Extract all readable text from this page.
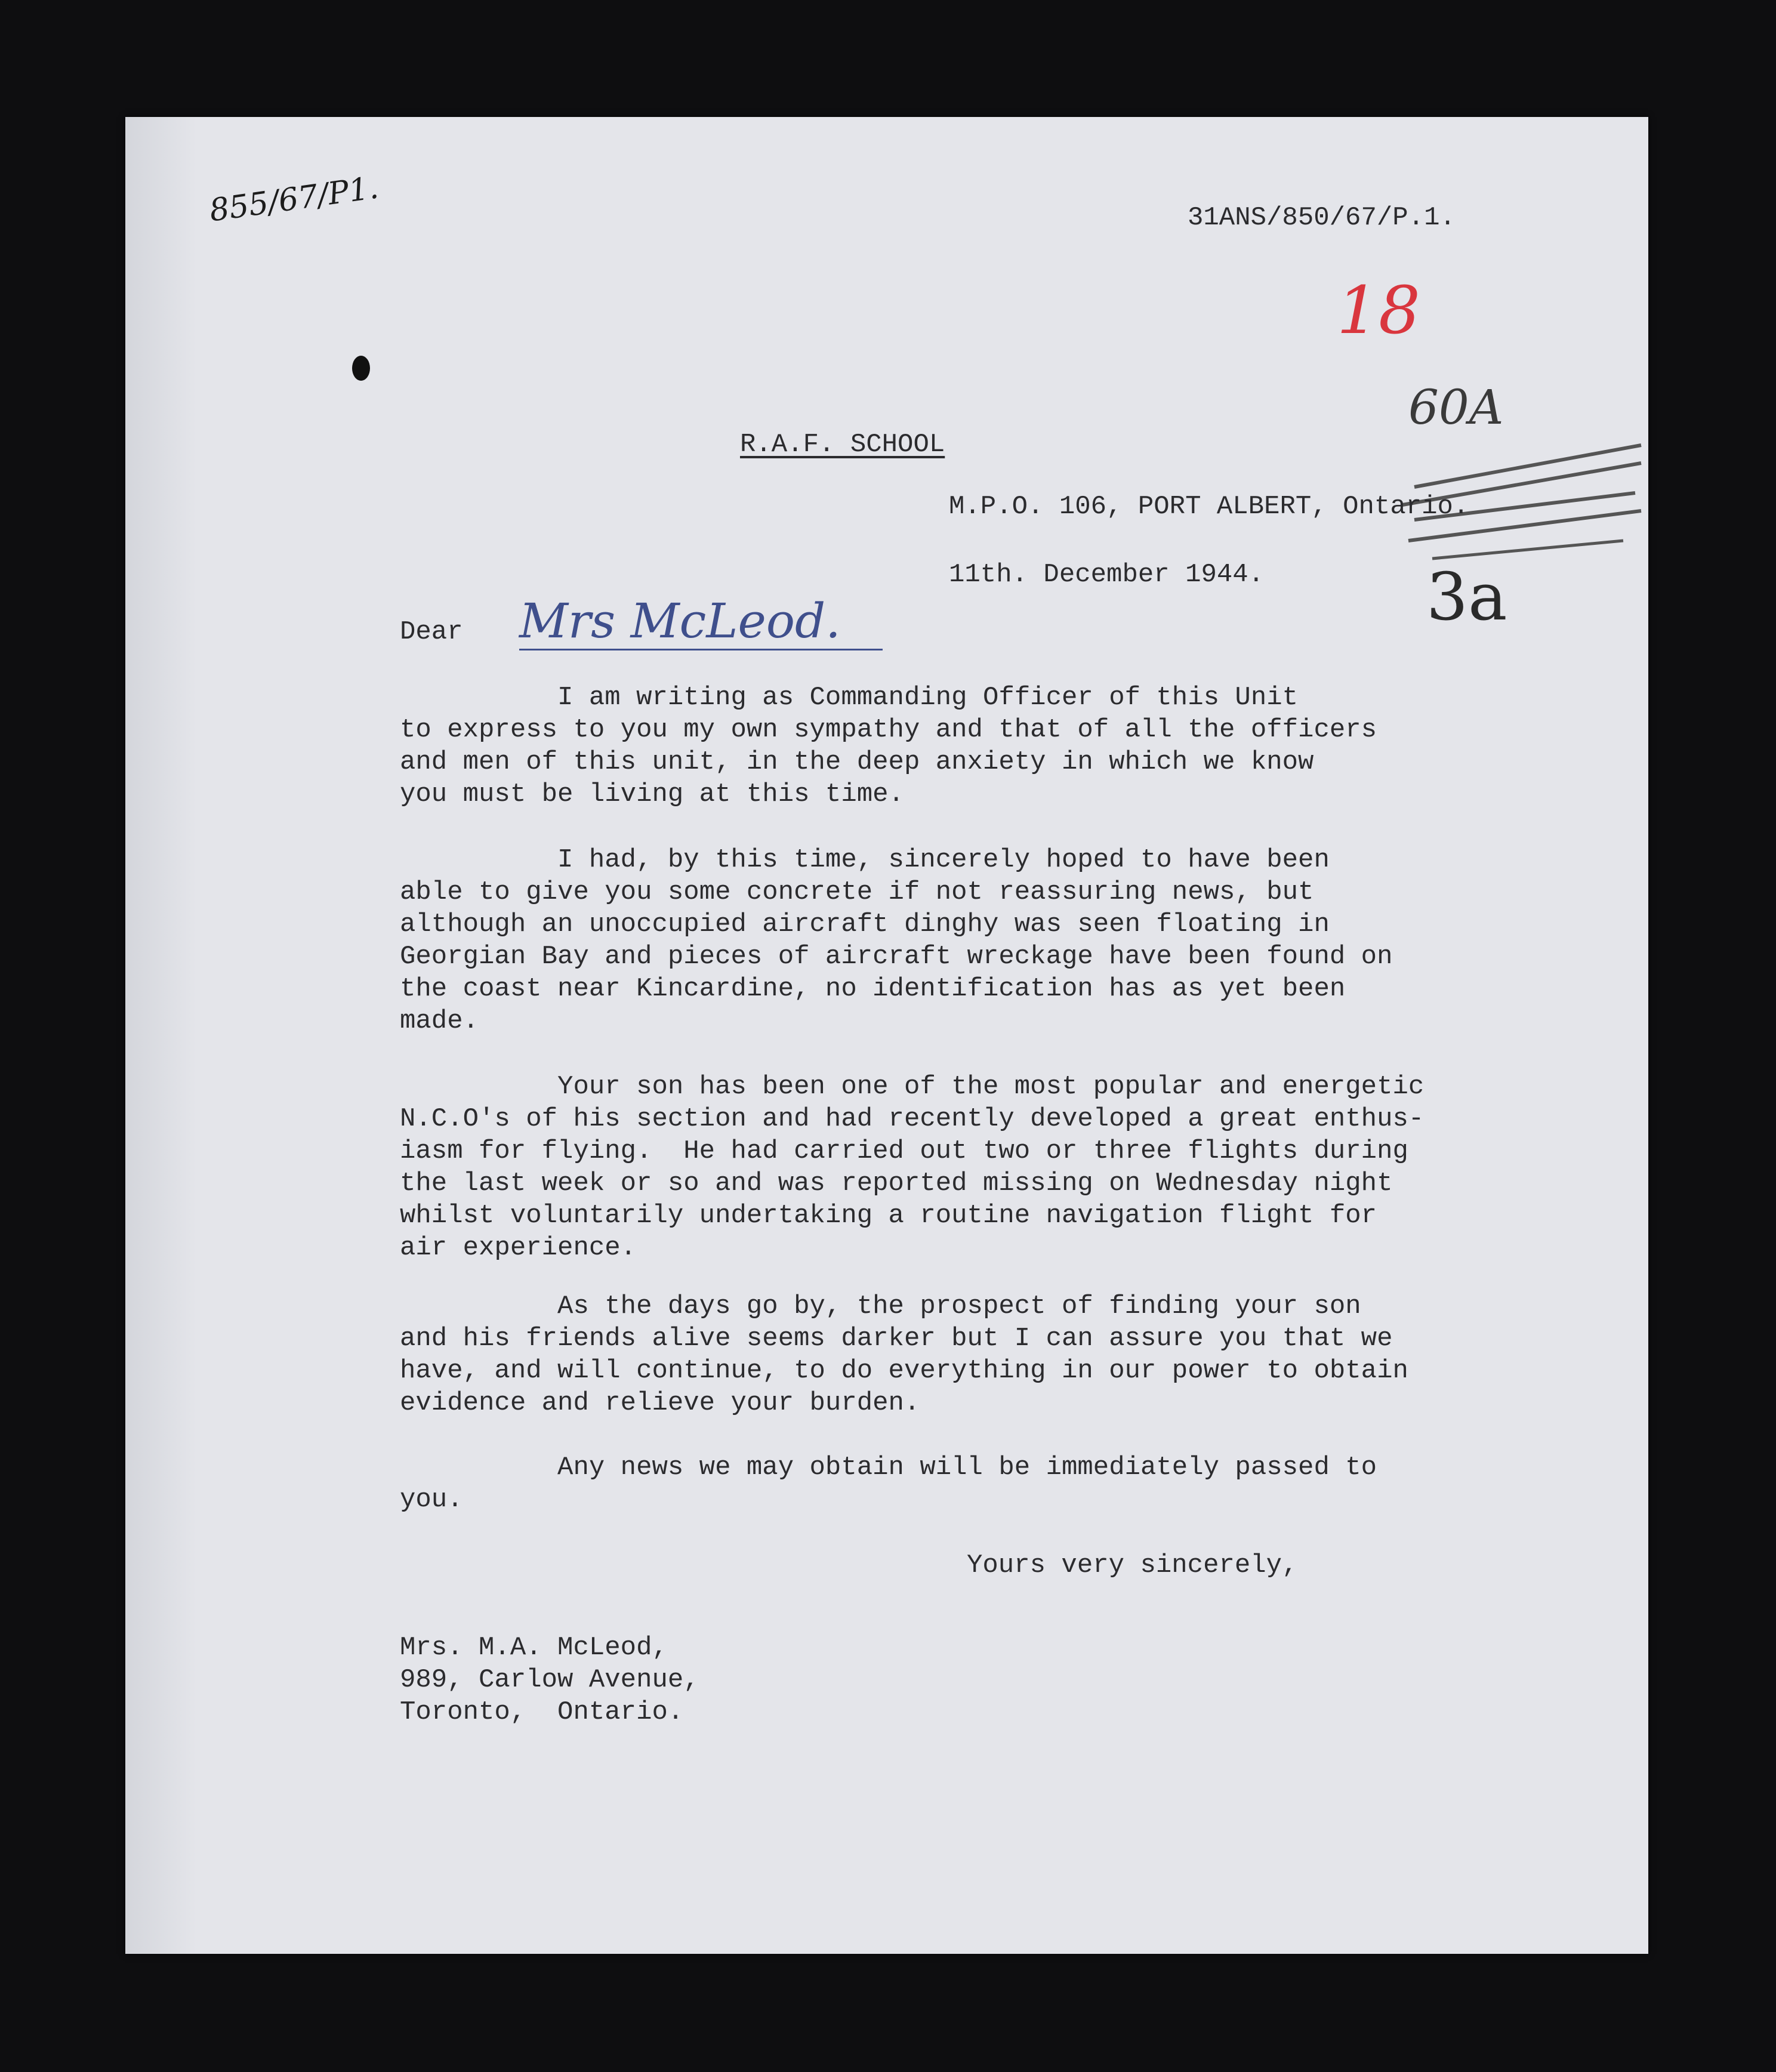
855/67/P1.	31ANS/850/67/P.1.
18
60A
R.A.F. SCHOOL
M.P.O. 106, PORT ALBERT, Ontario.
11th. December 1944. 3a
Dear Mrs McLeod.
I am writing as Commanding Officer of this Unit
to express to you my own sympathy and that of all the officers
and men of this unit, in the deep anxiety in which we know
you must be living at this time.
I had, by this time, sincerely hoped to have been
able to give you some concrete if not reassuring news, but
although an unoccupied aircraft dinghy was seen floating in
Georgian Bay and pieces of aircraft wreckage have been found on
the coast near Kincardine, no identification has as yet been
made.
Your son has been one of the most popular and energetic
N.C.O's of his section and had recently developed a great enthus-
iasm for flying.  He had carried out two or three flights during
the last week or so and was reported missing on Wednesday night
whilst voluntarily undertaking a routine navigation flight for
air experience.
As the days go by, the prospect of finding your son
and his friends alive seems darker but I can assure you that we
have, and will continue, to do everything in our power to obtain
evidence and relieve your burden.
Any news we may obtain will be immediately passed to
you.
Yours very sincerely,
Mrs. M.A. McLeod,
989, Carlow Avenue,
Toronto,  Ontario.
